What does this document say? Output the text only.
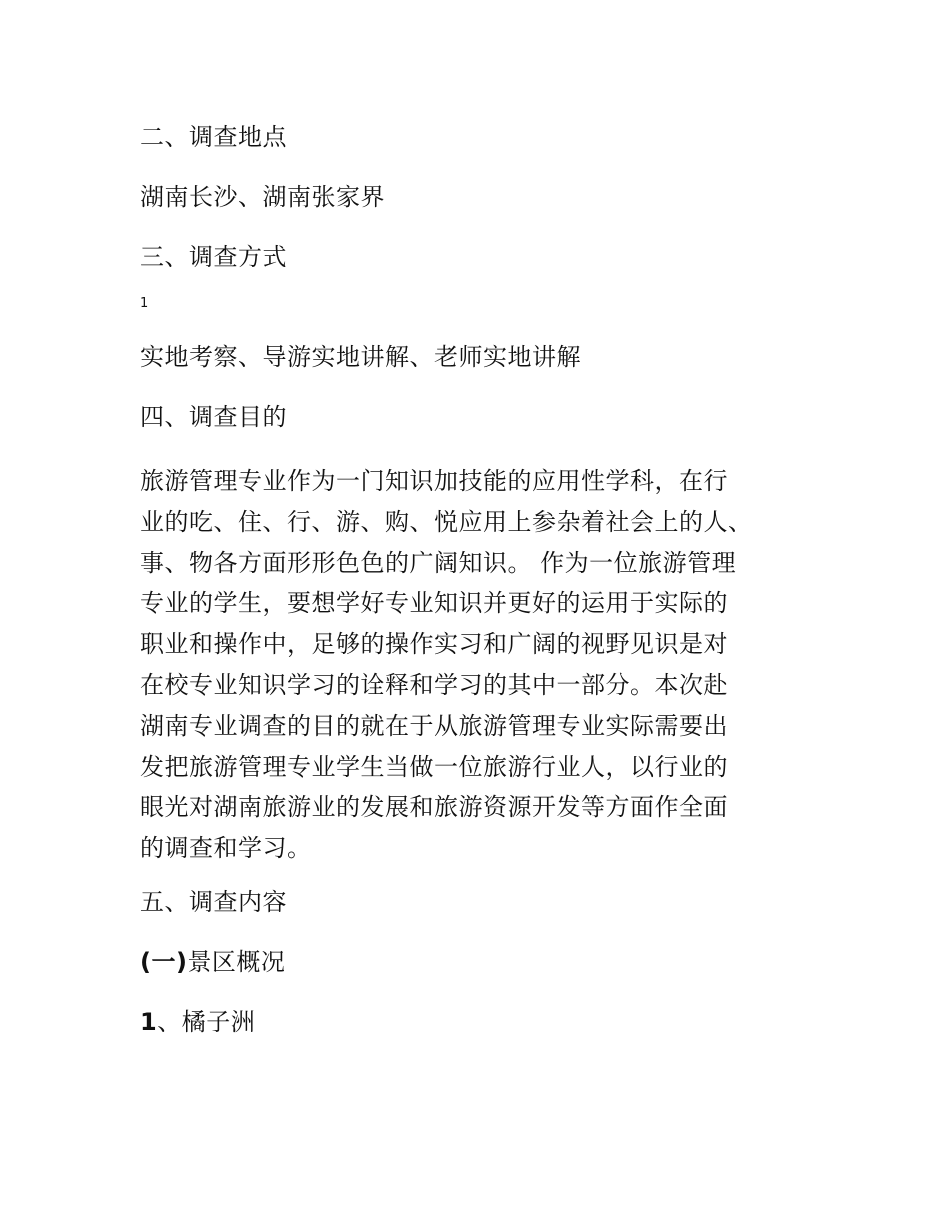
二、调查地点

湖南长沙、湖南张家界

三、调查方式

1

实地考察、导游实地讲解、老师实地讲解

四、调查目的

旅游管理专业作为一门知识加技能的应用性学科，在行
业的吃、住、行、游、购、悦应用上参杂着社会上的人、
事、物各方面形形色色的广阔知识。 作为一位旅游管理
专业的学生，要想学好专业知识并更好的运用于实际的
职业和操作中，足够的操作实习和广阔的视野见识是对
在校专业知识学习的诠释和学习的其中一部分。本次赴
湖南专业调查的目的就在于从旅游管理专业实际需要出
发把旅游管理专业学生当做一位旅游行业人，以行业的
眼光对湖南旅游业的发展和旅游资源开发等方面作全面
的调查和学习。

五、调查内容

(一)景区概况

1、橘子洲
